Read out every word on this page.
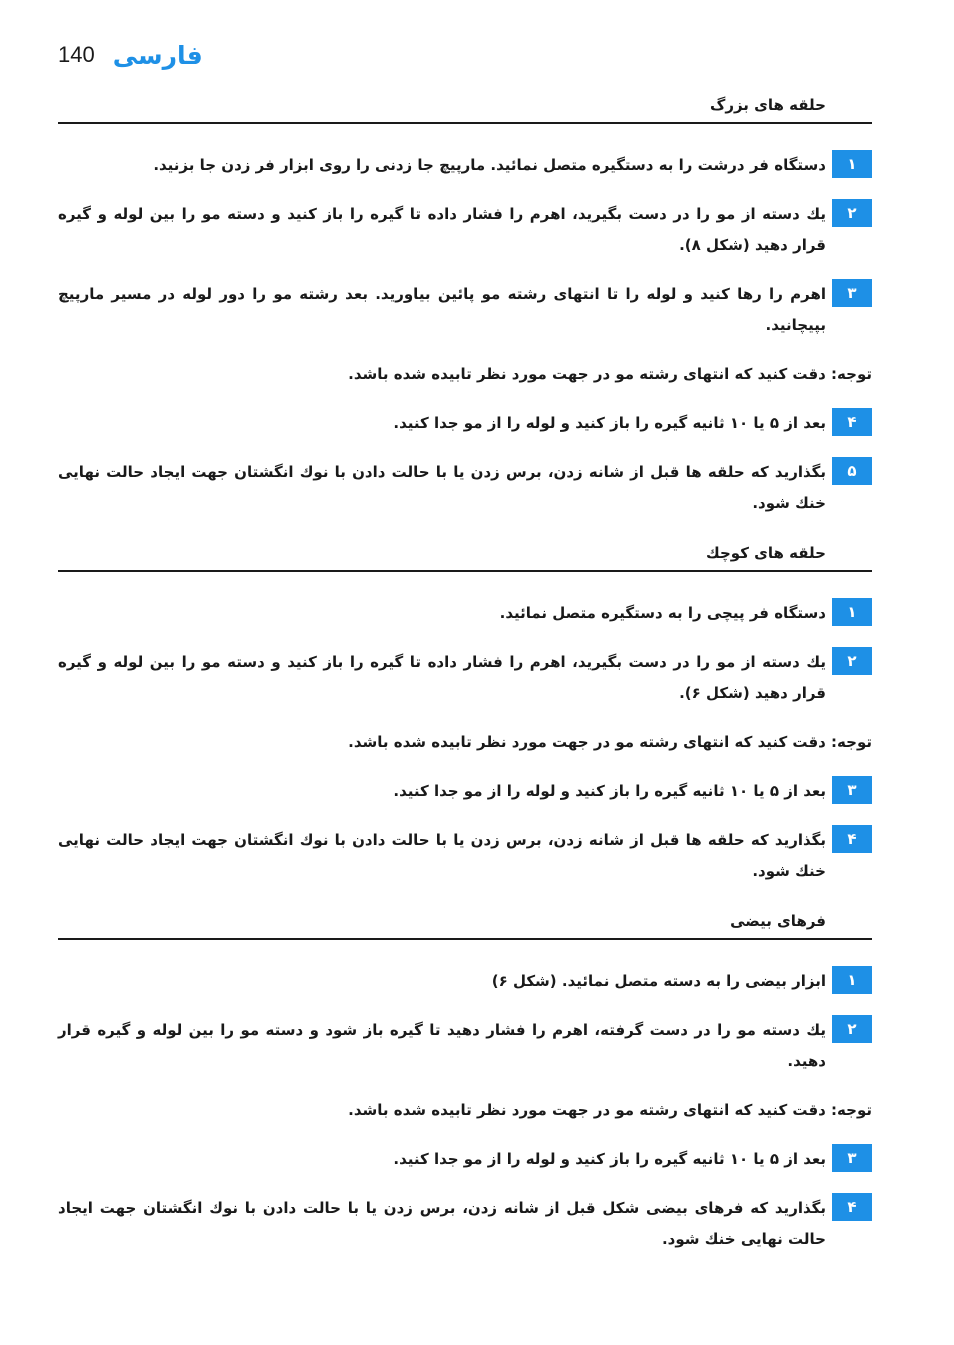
140 فارسی
حلقه های بزرگ
۱
دستگاه فر درشت را به دستگیره متصل نمائید. مارپیچ جا زدنی را روی ابزار فر زدن جا بزنید.
۲
یك دسته از مو را در دست بگیرید، اهرم را فشار داده تا گیره را باز کنید و دسته مو را بین لوله و گیره قرار دهید (شکل ۸).
۳
اهرم را رها کنید و لوله را تا انتهای رشته مو پائین بیاورید. بعد رشته مو را دور لوله در مسیر مارپیچ بپیچانید.
توجه: دقت کنید که انتهای رشته مو در جهت مورد نظر تابیده شده باشد.
۴
بعد از ۵ یا ۱۰ ثانیه گیره را باز کنید و لوله را از مو جدا کنید.
۵
بگذارید که حلقه ها قبل از شانه زدن، برس زدن یا با حالت دادن با نوك انگشتان جهت ایجاد حالت نهایی خنك شود.
حلقه های کوچك
۱
دستگاه فر پیچی را به دستگیره متصل نمائید.
۲
یك دسته از مو را در دست بگیرید، اهرم را فشار داده تا گیره را باز کنید و دسته مو را بین لوله و گیره قرار دهید (شکل ۶).
توجه: دقت کنید که انتهای رشته مو در جهت مورد نظر تابیده شده باشد.
۳
بعد از ۵ یا ۱۰ ثانیه گیره را باز کنید و لوله را از مو جدا کنید.
۴
بگذارید که حلقه ها قبل از شانه زدن، برس زدن یا با حالت دادن با نوك انگشتان جهت ایجاد حالت نهایی خنك شود.
فرهای بیضی
۱
ابزار بیضی را به دسته متصل نمائید. (شکل ۶)
۲
یك دسته مو را در دست گرفته، اهرم را فشار دهید تا گیره باز شود و دسته مو را بین لوله و گیره قرار دهید.
توجه: دقت کنید که انتهای رشته مو در جهت مورد نظر تابیده شده باشد.
۳
بعد از ۵ یا ۱۰ ثانیه گیره را باز کنید و لوله را از مو جدا کنید.
۴
بگذارید که فرهای بیضی شکل قبل از شانه زدن، برس زدن یا با حالت دادن با نوك انگشتان جهت ایجاد حالت نهایی خنك شود.
